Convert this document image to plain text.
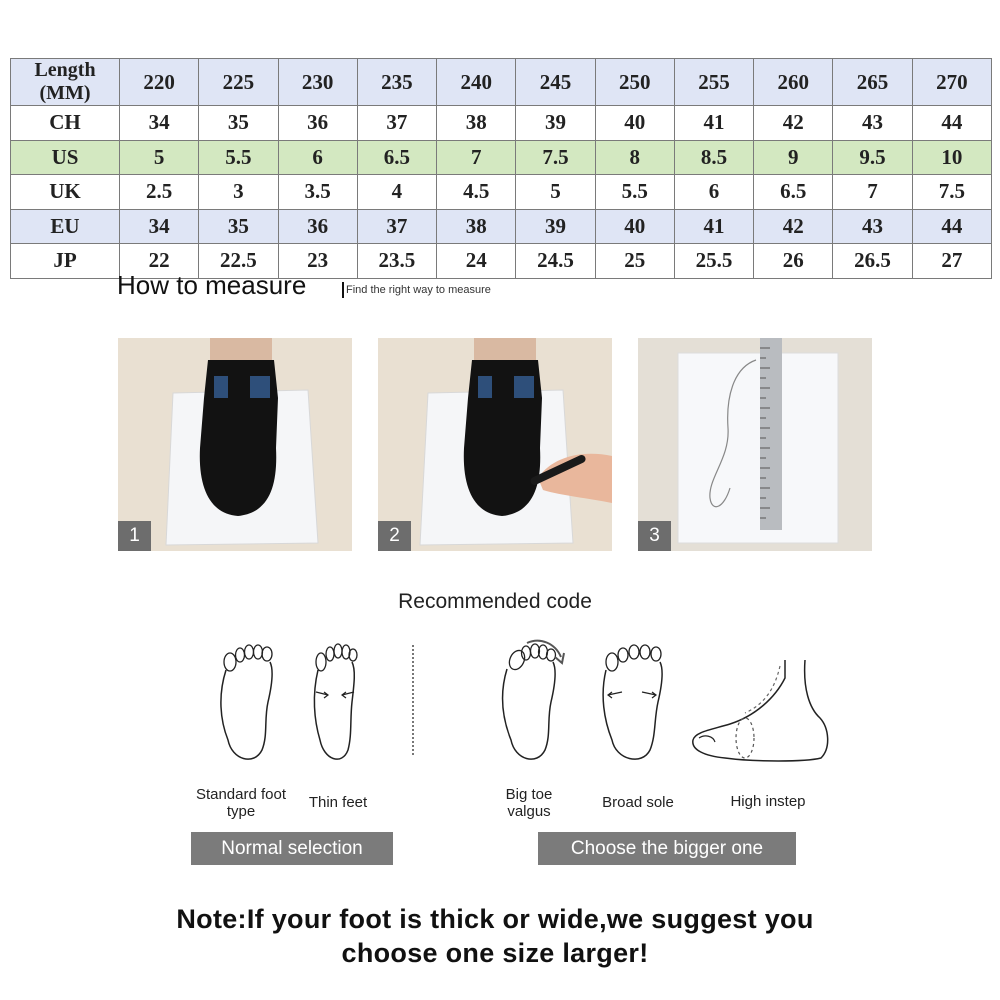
Length (MM)	220	225	230	235	240	245	250	255	260	265	270
CH	34	35	36	37	38	39	40	41	42	43	44
US	5	5.5	6	6.5	7	7.5	8	8.5	9	9.5	10
UK	2.5	3	3.5	4	4.5	5	5.5	6	6.5	7	7.5
EU	34	35	36	37	38	39	40	41	42	43	44
JP	22	22.5	23	23.5	24	24.5	25	25.5	26	26.5	27
How to measure	Find the right way to measure
1	2	3
Recommended code
Standard foot type
Thin feet	Big toe valgus
Broad sole	High instep
Normal selection	Choose the bigger one
Note:If your foot is thick or wide,we suggest you
choose one size larger!
